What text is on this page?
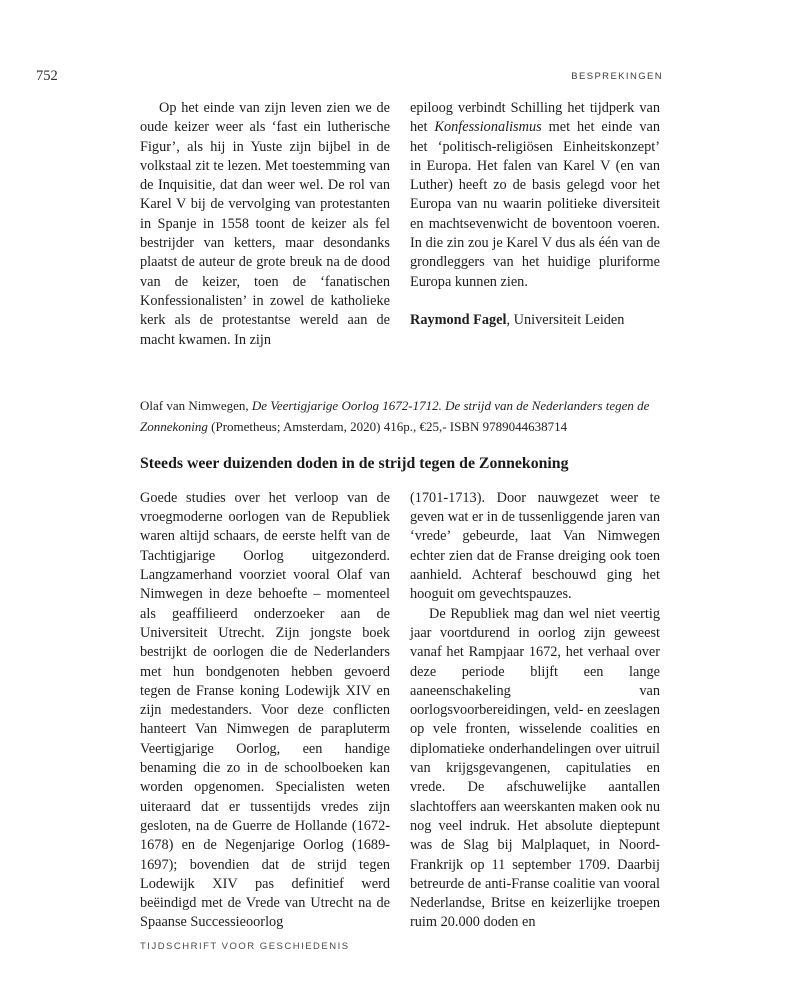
752	BESPREKINGEN

Op het einde van zijn leven zien we de oude keizer weer als ‘fast ein lutherische Figur’, als hij in Yuste zijn bijbel in de volkstaal zit te lezen. Met toestemming van de Inquisitie, dat dan weer wel. De rol van Karel V bij de vervolging van protestanten in Spanje in 1558 toont de keizer als fel bestrijder van ketters, maar desondanks plaatst de auteur de grote breuk na de dood van de keizer, toen de ‘fanatischen Konfessionalisten’ in zowel de katholieke kerk als de protestantse wereld aan de macht kwamen. In zijn

epiloog verbindt Schilling het tijdperk van het Konfessionalismus met het einde van het ‘politisch-religiösen Einheitskonzept’ in Europa. Het falen van Karel V (en van Luther) heeft zo de basis gelegd voor het Europa van nu waarin politieke diversiteit en machtsevenwicht de boventoon voeren. In die zin zou je Karel V dus als één van de grondleggers van het huidige pluriforme Europa kunnen zien.

Raymond Fagel, Universiteit Leiden

Olaf van Nimwegen, De Veertigjarige Oorlog 1672-1712. De strijd van de Nederlanders tegen de Zonnekoning (Prometheus; Amsterdam, 2020) 416p., €25,- ISBN 9789044638714

Steeds weer duizenden doden in de strijd tegen de Zonnekoning

Goede studies over het verloop van de vroegmoderne oorlogen van de Republiek waren altijd schaars, de eerste helft van de Tachtigjarige Oorlog uitgezonderd. Langzamerhand voorziet vooral Olaf van Nimwegen in deze behoefte – momenteel als geaffilieerd onderzoeker aan de Universiteit Utrecht. Zijn jongste boek bestrijkt de oorlogen die de Nederlanders met hun bondgenoten hebben gevoerd tegen de Franse koning Lodewijk XIV en zijn medestanders. Voor deze conflicten hanteert Van Nimwegen de parapluterm Veertigjarige Oorlog, een handige benaming die zo in de schoolboeken kan worden opgenomen. Specialisten weten uiteraard dat er tussentijds vredes zijn gesloten, na de Guerre de Hollande (1672-1678) en de Negenjarige Oorlog (1689-1697); bovendien dat de strijd tegen Lodewijk XIV pas definitief werd beëindigd met de Vrede van Utrecht na de Spaanse Successieoorlog

(1701-1713). Door nauwgezet weer te geven wat er in de tussenliggende jaren van ‘vrede’ gebeurde, laat Van Nimwegen echter zien dat de Franse dreiging ook toen aanhield. Achteraf beschouwd ging het hooguit om gevechtspauzes.

De Republiek mag dan wel niet veertig jaar voortdurend in oorlog zijn geweest vanaf het Rampjaar 1672, het verhaal over deze periode blijft een lange aaneenschakeling van oorlogsvoorbereidingen, veld- en zeeslagen op vele fronten, wisselende coalities en diplomatieke onderhandelingen over uitruil van krijgsgevangenen, capitulaties en vrede. De afschuwelijke aantallen slachtoffers aan weerskanten maken ook nu nog veel indruk. Het absolute dieptepunt was de Slag bij Malplaquet, in Noord-Frankrijk op 11 september 1709. Daarbij betreurde de anti-Franse coalitie van vooral Nederlandse, Britse en keizerlijke troepen ruim 20.000 doden en

TIJDSCHRIFT VOOR GESCHIEDENIS
